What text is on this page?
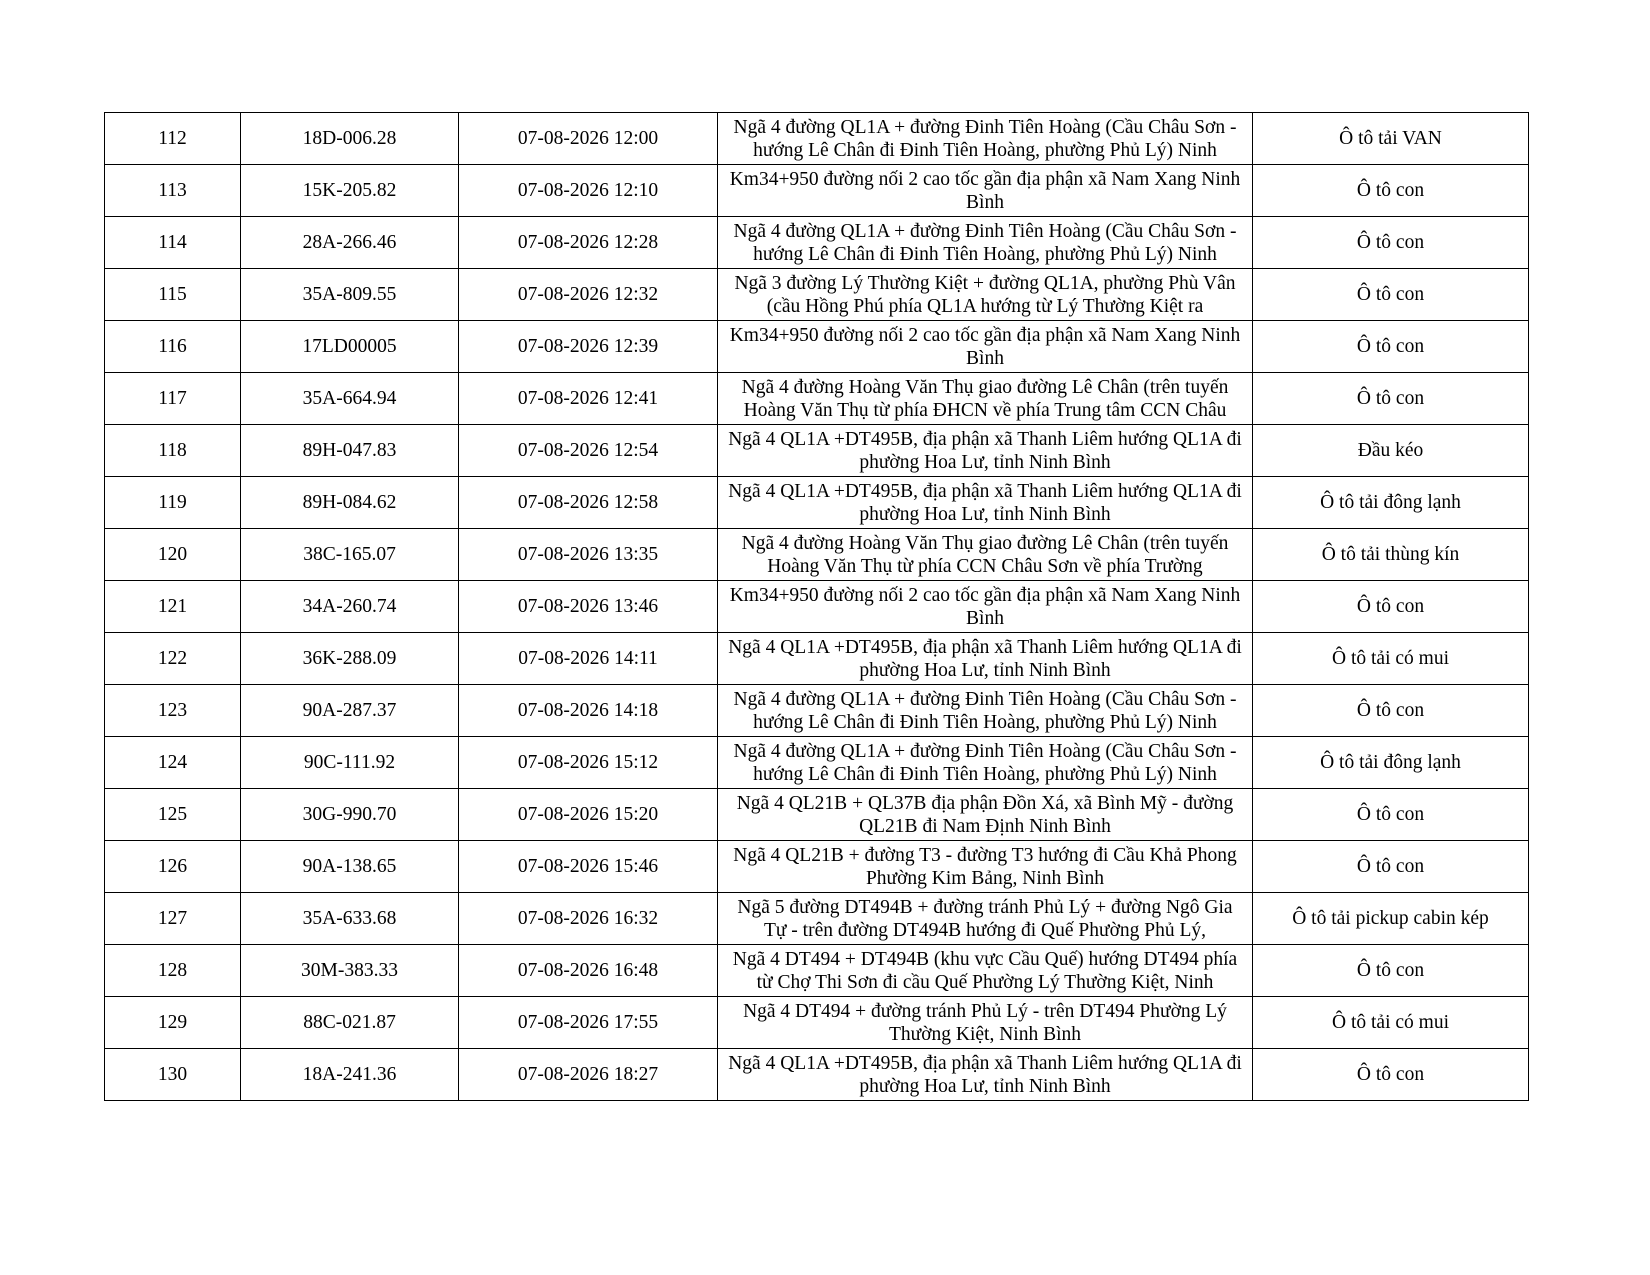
112	18D-006.28	07-08-2026 12:00	Ngã 4 đường QL1A + đường Đinh Tiên Hoàng (Cầu Châu Sơn - hướng Lê Chân đi Đinh Tiên Hoàng, phường Phủ Lý) Ninh	Ô tô tải VAN
113	15K-205.82	07-08-2026 12:10	Km34+950 đường nối 2 cao tốc gần địa phận xã Nam Xang Ninh Bình	Ô tô con
114	28A-266.46	07-08-2026 12:28	Ngã 4 đường QL1A + đường Đinh Tiên Hoàng (Cầu Châu Sơn - hướng Lê Chân đi Đinh Tiên Hoàng, phường Phủ Lý) Ninh	Ô tô con
115	35A-809.55	07-08-2026 12:32	Ngã 3 đường Lý Thường Kiệt + đường QL1A, phường Phù Vân (cầu Hồng Phú phía QL1A hướng từ Lý Thường Kiệt ra	Ô tô con
116	17LD00005	07-08-2026 12:39	Km34+950 đường nối 2 cao tốc gần địa phận xã Nam Xang Ninh Bình	Ô tô con
117	35A-664.94	07-08-2026 12:41	Ngã 4 đường Hoàng Văn Thụ giao đường Lê Chân (trên tuyến Hoàng Văn Thụ từ phía ĐHCN về phía Trung tâm CCN Châu	Ô tô con
118	89H-047.83	07-08-2026 12:54	Ngã 4 QL1A +DT495B, địa phận xã Thanh Liêm hướng QL1A đi phường Hoa Lư, tỉnh Ninh Bình	Đầu kéo
119	89H-084.62	07-08-2026 12:58	Ngã 4 QL1A +DT495B, địa phận xã Thanh Liêm hướng QL1A đi phường Hoa Lư, tỉnh Ninh Bình	Ô tô tải đông lạnh
120	38C-165.07	07-08-2026 13:35	Ngã 4 đường Hoàng Văn Thụ giao đường Lê Chân (trên tuyến Hoàng Văn Thụ từ phía CCN Châu Sơn về phía Trường	Ô tô tải thùng kín
121	34A-260.74	07-08-2026 13:46	Km34+950 đường nối 2 cao tốc gần địa phận xã Nam Xang Ninh Bình	Ô tô con
122	36K-288.09	07-08-2026 14:11	Ngã 4 QL1A +DT495B, địa phận xã Thanh Liêm hướng QL1A đi phường Hoa Lư, tỉnh Ninh Bình	Ô tô tải có mui
123	90A-287.37	07-08-2026 14:18	Ngã 4 đường QL1A + đường Đinh Tiên Hoàng (Cầu Châu Sơn - hướng Lê Chân đi Đinh Tiên Hoàng, phường Phủ Lý) Ninh	Ô tô con
124	90C-111.92	07-08-2026 15:12	Ngã 4 đường QL1A + đường Đinh Tiên Hoàng (Cầu Châu Sơn - hướng Lê Chân đi Đinh Tiên Hoàng, phường Phủ Lý) Ninh	Ô tô tải đông lạnh
125	30G-990.70	07-08-2026 15:20	Ngã 4 QL21B + QL37B địa phận Đồn Xá, xã Bình Mỹ - đường QL21B đi Nam Định Ninh Bình	Ô tô con
126	90A-138.65	07-08-2026 15:46	Ngã 4 QL21B + đường T3 - đường T3 hướng đi Cầu Khả Phong Phường Kim Bảng, Ninh Bình	Ô tô con
127	35A-633.68	07-08-2026 16:32	Ngã 5 đường DT494B + đường tránh Phủ Lý + đường Ngô Gia Tự - trên đường DT494B hướng đi Quế Phường Phủ Lý,	Ô tô tải pickup cabin kép
128	30M-383.33	07-08-2026 16:48	Ngã 4 DT494 + DT494B (khu vực Cầu Quế) hướng DT494 phía từ Chợ Thi Sơn đi cầu Quế Phường Lý Thường Kiệt, Ninh	Ô tô con
129	88C-021.87	07-08-2026 17:55	Ngã 4 DT494 + đường tránh Phủ Lý - trên DT494 Phường Lý Thường Kiệt, Ninh Bình	Ô tô tải có mui
130	18A-241.36	07-08-2026 18:27	Ngã 4 QL1A +DT495B, địa phận xã Thanh Liêm hướng QL1A đi phường Hoa Lư, tỉnh Ninh Bình	Ô tô con
